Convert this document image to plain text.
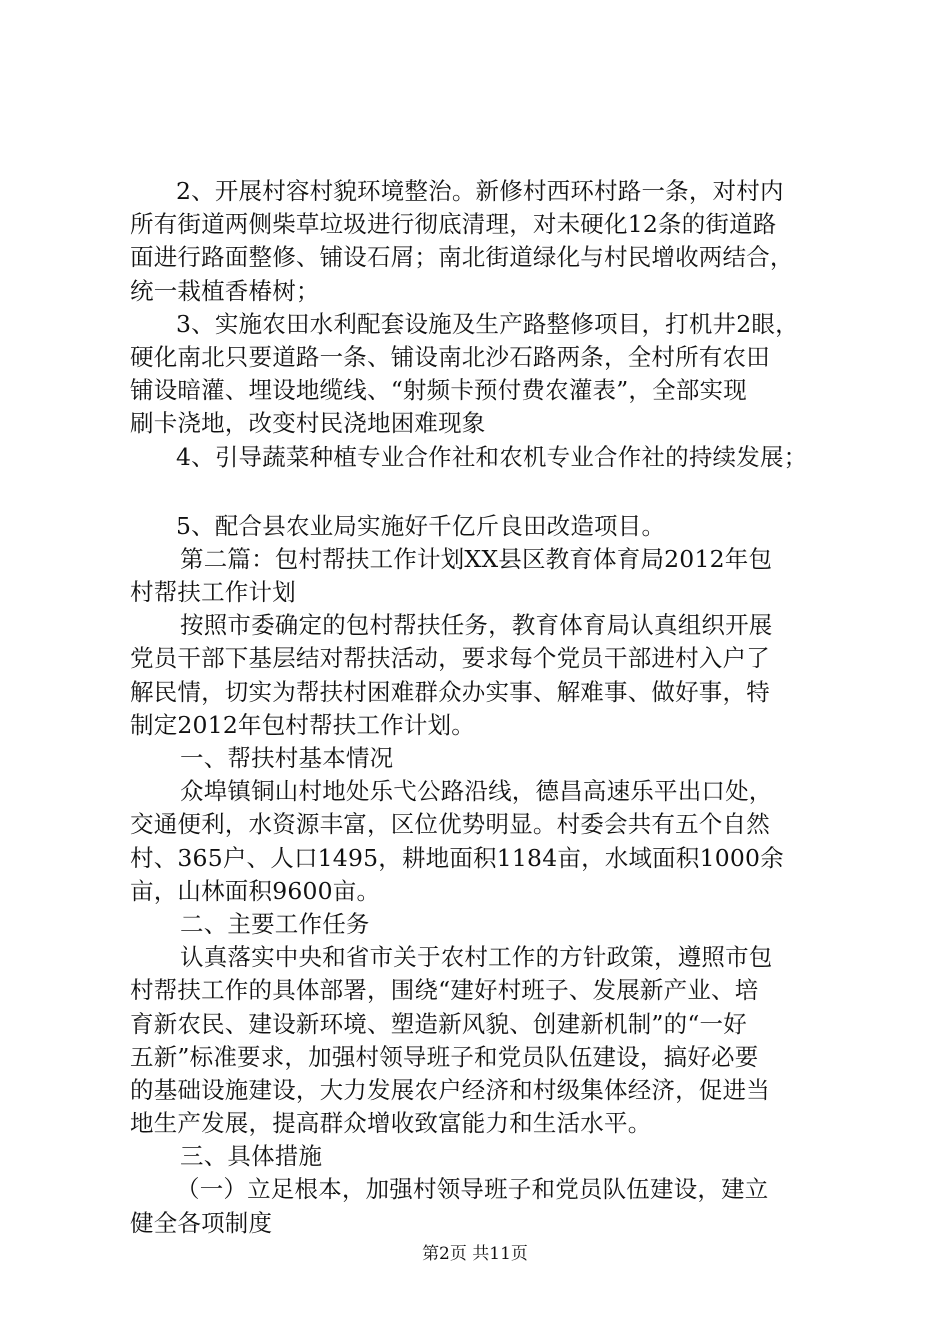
2、开展村容村貌环境整治。新修村西环村路一条，对村内
所有街道两侧柴草垃圾进行彻底清理，对未硬化12条的街道路
面进行路面整修、铺设石屑；南北街道绿化与村民增收两结合，
统一栽植香椿树；
3、实施农田水利配套设施及生产路整修项目，打机井2眼，
硬化南北只要道路一条、铺设南北沙石路两条，全村所有农田
铺设暗灌、埋设地缆线、“射频卡预付费农灌表”，全部实现
刷卡浇地，改变村民浇地困难现象
4、引导蔬菜种植专业合作社和农机专业合作社的持续发展；
5、配合县农业局实施好千亿斤良田改造项目。
第二篇：包村帮扶工作计划XX县区教育体育局2012年包
村帮扶工作计划
按照市委确定的包村帮扶任务，教育体育局认真组织开展
党员干部下基层结对帮扶活动，要求每个党员干部进村入户了
解民情，切实为帮扶村困难群众办实事、解难事、做好事，特
制定2012年包村帮扶工作计划。
一、帮扶村基本情况
众埠镇铜山村地处乐弋公路沿线，德昌高速乐平出口处，
交通便利，水资源丰富，区位优势明显。村委会共有五个自然
村、365户、人口1495，耕地面积1184亩，水域面积1000余
亩，山林面积9600亩。
二、主要工作任务
认真落实中央和省市关于农村工作的方针政策，遵照市包
村帮扶工作的具体部署，围绕“建好村班子、发展新产业、培
育新农民、建设新环境、塑造新风貌、创建新机制”的“一好
五新”标准要求，加强村领导班子和党员队伍建设，搞好必要
的基础设施建设，大力发展农户经济和村级集体经济，促进当
地生产发展，提高群众增收致富能力和生活水平。
三、具体措施
（一）立足根本，加强村领导班子和党员队伍建设，建立
健全各项制度
第2页 共11页
